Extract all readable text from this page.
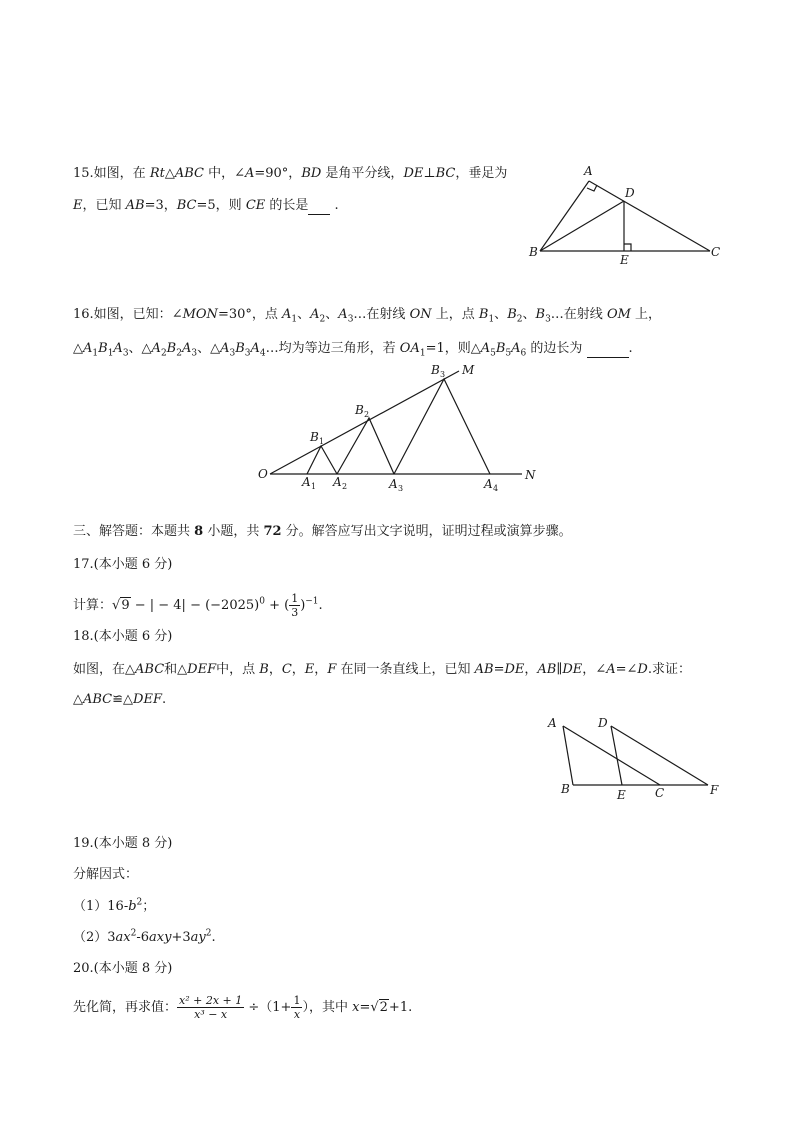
15.如图，在 Rt△ABC 中，∠A=90°，BD 是角平分线，DE⊥BC，垂足为
E，已知 AB=3，BC=5，则 CE 的长是 .
A
D
B
E
C
16.如图，已知：∠MON=30°，点 $A_1$、$A_2$、$A_3\dots$在射线 ON 上，点 $B_1$、$B_2$、$B_3\dots$在射线 OM 上，
$\triangle A_1B_1A_3$、$\triangle A_2B_2A_3$、$\triangle A_3B_3A_4\dots$均为等边三角形，若 $OA_1=1$，则$\triangle A_5B_5A_6$ 的边长为	.
O
A 1 A 2	A 3	A 4
N
B 1
B 2
B 3 M
三、解答题：本题共 8 小题，共 72 分。解答应写出文字说明，证明过程或演算步骤。
17.(本小题 6 分)
计算：√9 − | − $4| - (-2025)^0$ + ( $\frac{1}{3} )^{-1}$.
18.(本小题 6 分)
如图，在△ABC和△DEF中，点 B，C，E，F 在同一条直线上，已知 AB=DE，AB∥DE，∠A=∠D.求证：
△ABC≌△DEF.
A	D
B	E C	F
19.(本小题 8 分)
分解因式：
$(1)16-b^2$；
$(2)3ax^2-6axy+3ay^2$.
20.(本小题 8 分)
先化简，再求值： $\frac{\text{x² + 2x + 1}}{\text{x³ − x}} \div(1+ \frac{1}{x}$ ），其中 x=√2+1.
